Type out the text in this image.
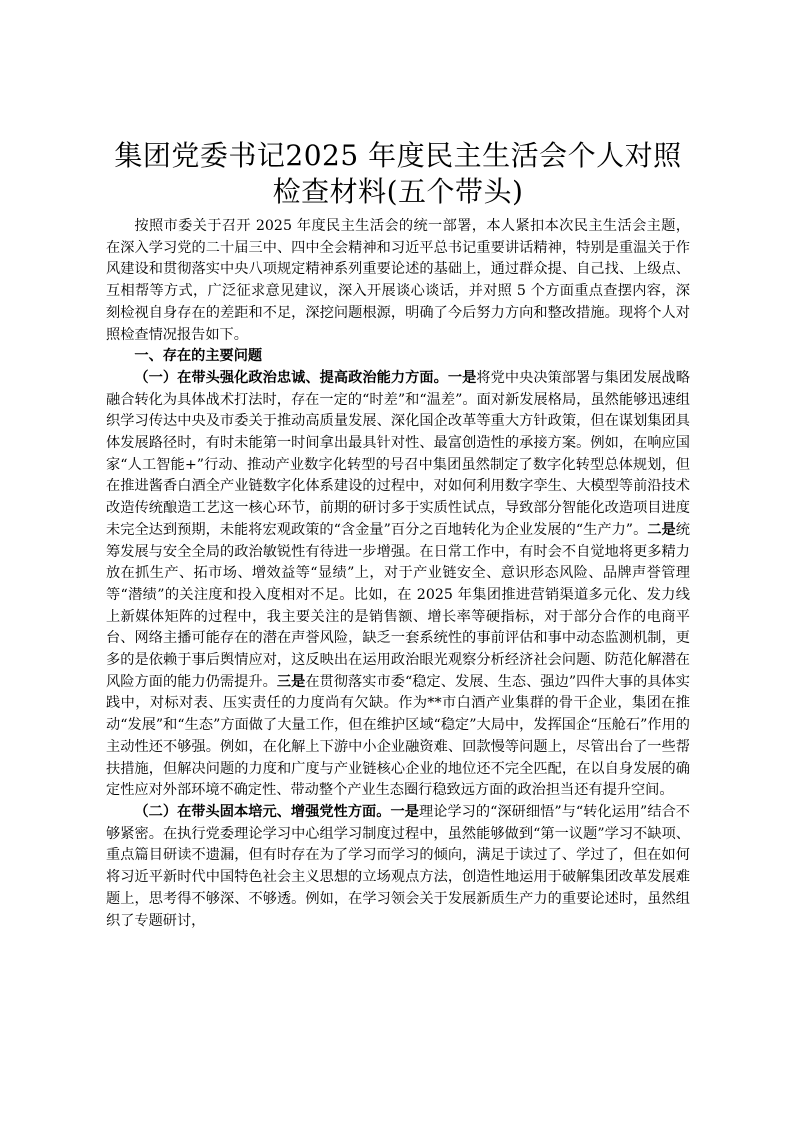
集团党委书记2025 年度民主生活会个人对照检查材料(五个带头)

按照市委关于召开 2025 年度民主生活会的统一部署，本人紧扣本次民主生活会主题，在深入学习党的二十届三中、四中全会精神和习近平总书记重要讲话精神，特别是重温关于作风建设和贯彻落实中央八项规定精神系列重要论述的基础上，通过群众提、自己找、上级点、互相帮等方式，广泛征求意见建议，深入开展谈心谈话，并对照 5 个方面重点查摆内容，深刻检视自身存在的差距和不足，深挖问题根源，明确了今后努力方向和整改措施。现将个人对照检查情况报告如下。

一、存在的主要问题

（一）在带头强化政治忠诚、提高政治能力方面。一是将党中央决策部署与集团发展战略融合转化为具体战术打法时，存在一定的“时差”和“温差”。面对新发展格局，虽然能够迅速组织学习传达中央及市委关于推动高质量发展、深化国企改革等重大方针政策，但在谋划集团具体发展路径时，有时未能第一时间拿出最具针对性、最富创造性的承接方案。例如，在响应国家“人工智能+”行动、推动产业数字化转型的号召中集团虽然制定了数字化转型总体规划，但在推进酱香白酒全产业链数字化体系建设的过程中，对如何利用数字孪生、大模型等前沿技术改造传统酿造工艺这一核心环节，前期的研讨多于实质性试点，导致部分智能化改造项目进度未完全达到预期，未能将宏观政策的“含金量”百分之百地转化为企业发展的“生产力”。二是统筹发展与安全全局的政治敏锐性有待进一步增强。在日常工作中，有时会不自觉地将更多精力放在抓生产、拓市场、增效益等“显绩”上，对于产业链安全、意识形态风险、品牌声誉管理等“潜绩”的关注度和投入度相对不足。比如，在 2025 年集团推进营销渠道多元化、发力线上新媒体矩阵的过程中，我主要关注的是销售额、增长率等硬指标，对于部分合作的电商平台、网络主播可能存在的潜在声誉风险，缺乏一套系统性的事前评估和事中动态监测机制，更多的是依赖于事后舆情应对，这反映出在运用政治眼光观察分析经济社会问题、防范化解潜在风险方面的能力仍需提升。三是在贯彻落实市委“稳定、发展、生态、强边”四件大事的具体实践中，对标对表、压实责任的力度尚有欠缺。作为**市白酒产业集群的骨干企业，集团在推动“发展”和“生态”方面做了大量工作，但在维护区域“稳定”大局中，发挥国企“压舱石”作用的主动性还不够强。例如，在化解上下游中小企业融资难、回款慢等问题上，尽管出台了一些帮扶措施，但解决问题的力度和广度与产业链核心企业的地位还不完全匹配，在以自身发展的确定性应对外部环境不确定性、带动整个产业生态圈行稳致远方面的政治担当还有提升空间。

（二）在带头固本培元、增强党性方面。一是理论学习的“深研细悟”与“转化运用”结合不够紧密。在执行党委理论学习中心组学习制度过程中，虽然能够做到“第一议题”学习不缺项、重点篇目研读不遗漏，但有时存在为了学习而学习的倾向，满足于读过了、学过了，但在如何将习近平新时代中国特色社会主义思想的立场观点方法，创造性地运用于破解集团改革发展难题上，思考得不够深、不够透。例如，在学习领会关于发展新质生产力的重要论述时，虽然组织了专题研讨，
